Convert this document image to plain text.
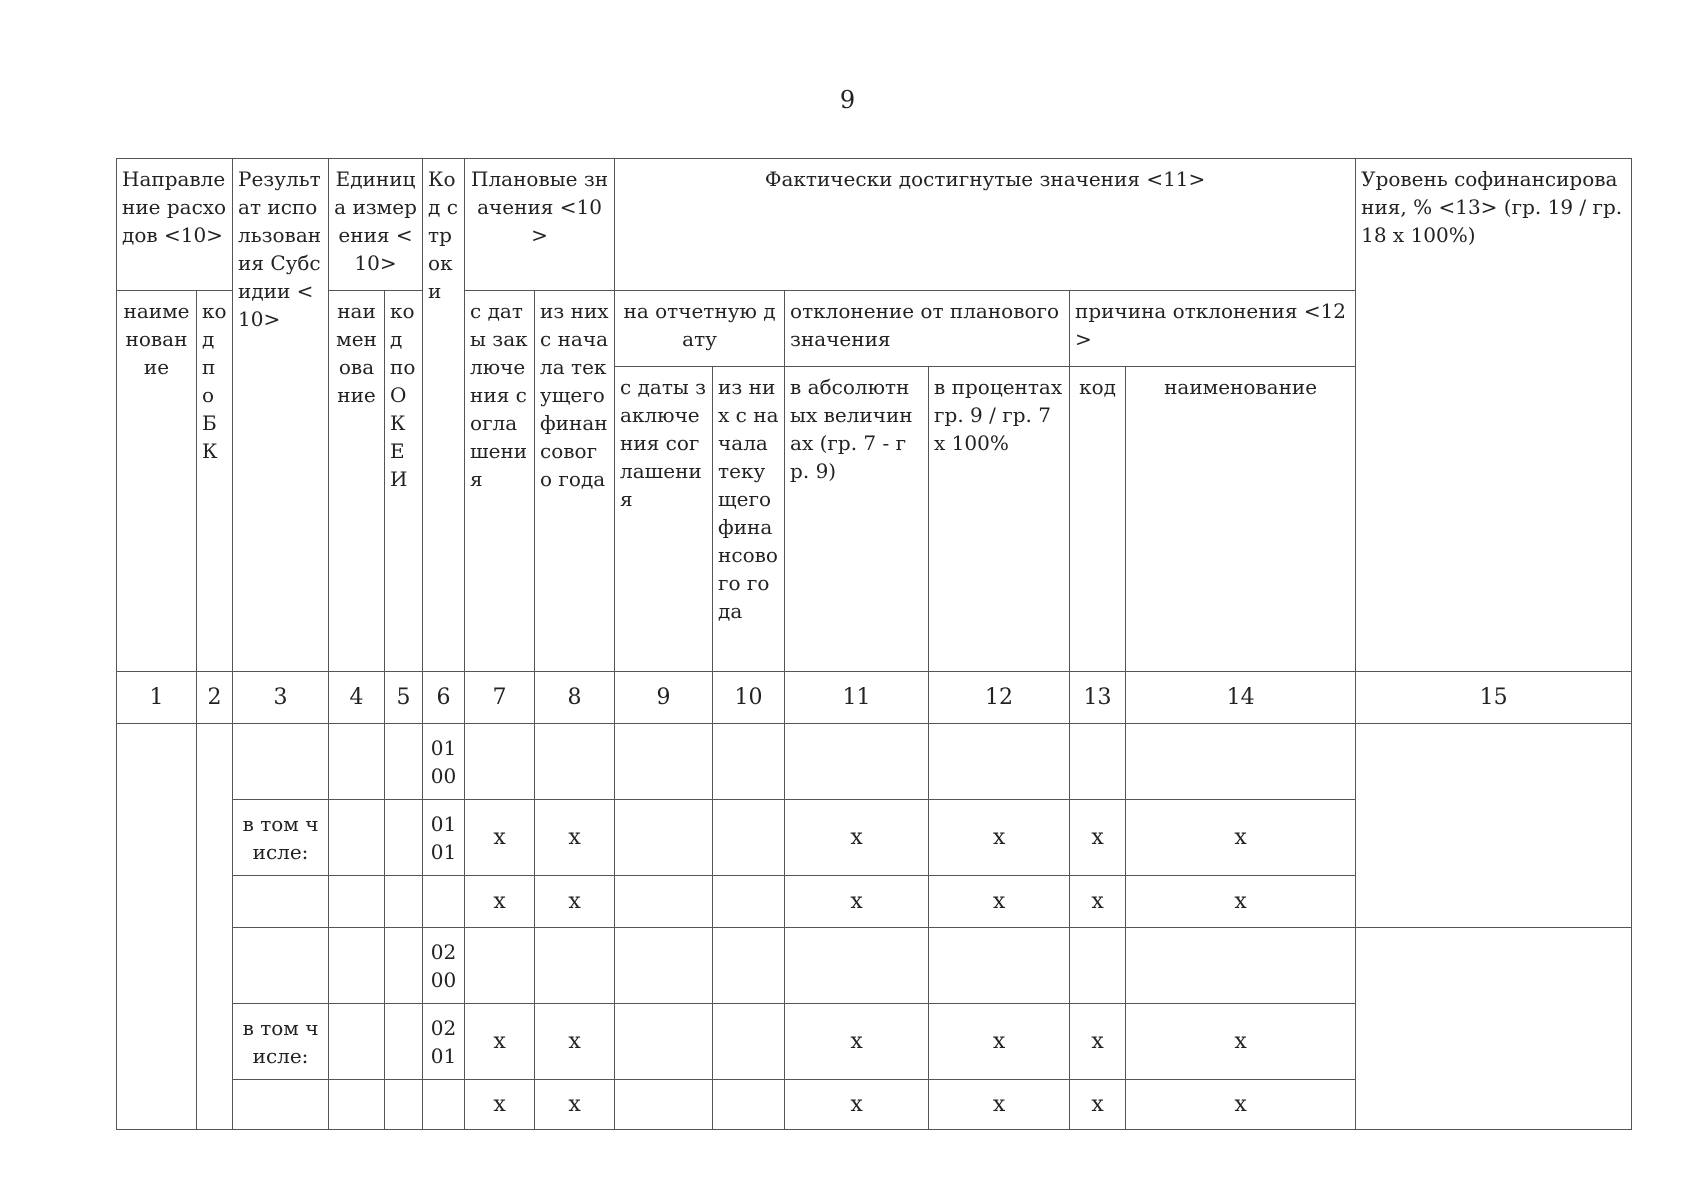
9
Направление расходов <10>		Результат использования Субсидии <10>	Единица измерения <10>		Код строки	Плановые значения <10>		Фактически достигнутые значения <11>						Уровень софинансирования, % <13> (гр. 19 / гр. 18 x 100%)
наименование	код по БК		наименование	код по ОКЕИ		с даты заключения соглашения	из них с начала текущего финансового года	на отчетную дату		отклонение от планового значения		причина отклонения <12>		
								с даты заключения соглашения	из них с начала текущего финансового года	в абсолютных величинах (гр. 7 - гр. 9)	в процентах гр. 9 / гр. 7 x 100%	код	наименование	

1	2	3	4	5	6	7	8	9	10	11	12	13	14	15
					01 00									
		в том числе:			01 01	x	x			x	x	x	x	
						x	x			x	x	x	x	
					02 00									
		в том числе:			02 01	x	x			x	x	x	x	
						x	x			x	x	x	x	
